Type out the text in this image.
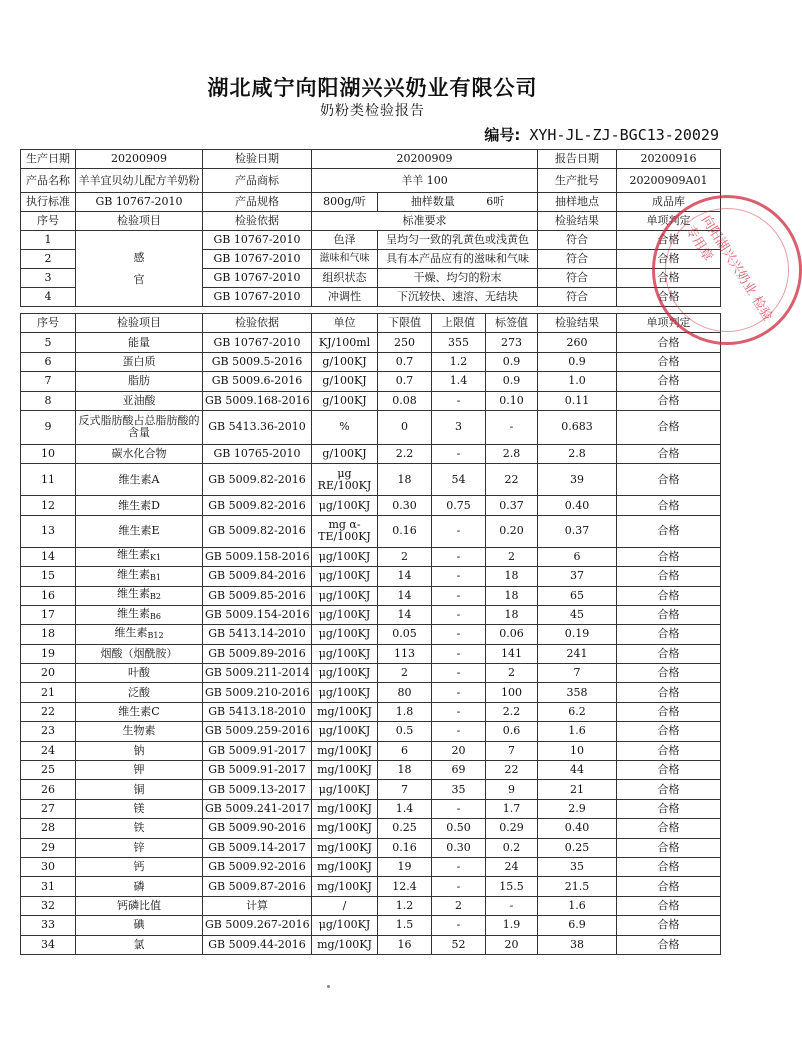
湖北咸宁向阳湖兴兴奶业有限公司
奶粉类检验报告
编号: XYH-JL-ZJ-BGC13-20029
生产日期	20200909	检验日期	20200909		报告日期	20200916
产品名称	羊羊宜贝幼儿配方羊奶粉	产品商标	羊羊 100		生产批号	20200909A01
执行标准	GB 10767-2010	产品规格	800g/听	抽样数量 6听	抽样地点	成品库
序号	检验项目	检验依据	标准要求		检验结果	单项判定
1	感官	GB 10767-2010	色泽	呈均匀一致的乳黄色或浅黄色	符合	合格
2		GB 10767-2010	滋味和气味	具有本产品应有的滋味和气味	符合	合格
3		GB 10767-2010	组织状态	干燥、均匀的粉末	符合	合格
4		GB 10767-2010	冲调性	下沉较快、速溶、无结块	符合	合格
序号	检验项目	检验依据	单位	下限值	上限值	标签值	检验结果	单项判定
5	能量	GB 10767-2010	KJ/100ml	250	355	273	260	合格
6	蛋白质	GB 5009.5-2016	g/100KJ	0.7	1.2	0.9	0.9	合格
7	脂肪	GB 5009.6-2016	g/100KJ	0.7	1.4	0.9	1.0	合格
8	亚油酸	GB 5009.168-2016	g/100KJ	0.08	-	0.10	0.11	合格
9	反式脂肪酸占总脂肪酸的含量	GB 5413.36-2010	%	0	3	-	0.683	合格
10	碳水化合物	GB 10765-2010	g/100KJ	2.2	-	2.8	2.8	合格
11	维生素A	GB 5009.82-2016	μg RE/100KJ	18	54	22	39	合格
12	维生素D	GB 5009.82-2016	μg/100KJ	0.30	0.75	0.37	0.40	合格
13	维生素E	GB 5009.82-2016	mg α-TE/100KJ	0.16	-	0.20	0.37	合格
14	维生素$_{K1}$	GB 5009.158-2016	μg/100KJ	2	-	2	6	合格
15	维生素$_{B1}$	GB 5009.84-2016	μg/100KJ	14	-	18	37	合格
16	维生素$_{B2}$	GB 5009.85-2016	μg/100KJ	14	-	18	65	合格
17	维生素$_{B6}$	GB 5009.154-2016	μg/100KJ	14	-	18	45	合格
18	维生素$_{B12}$	GB 5413.14-2010	μg/100KJ	0.05	-	0.06	0.19	合格
19	烟酸（烟酰胺）	GB 5009.89-2016	μg/100KJ	113	-	141	241	合格
20	叶酸	GB 5009.211-2014	μg/100KJ	2	-	2	7	合格
21	泛酸	GB 5009.210-2016	μg/100KJ	80	-	100	358	合格
22	维生素C	GB 5413.18-2010	mg/100KJ	1.8	-	2.2	6.2	合格
23	生物素	GB 5009.259-2016	μg/100KJ	0.5	-	0.6	1.6	合格
24	钠	GB 5009.91-2017	mg/100KJ	6	20	7	10	合格
25	钾	GB 5009.91-2017	mg/100KJ	18	69	22	44	合格
26	铜	GB 5009.13-2017	μg/100KJ	7	35	9	21	合格
27	镁	GB 5009.241-2017	mg/100KJ	1.4	-	1.7	2.9	合格
28	铁	GB 5009.90-2016	mg/100KJ	0.25	0.50	0.29	0.40	合格
29	锌	GB 5009.14-2017	mg/100KJ	0.16	0.30	0.2	0.25	合格
30	钙	GB 5009.92-2016	mg/100KJ	19	-	24	35	合格
31	磷	GB 5009.87-2016	mg/100KJ	12.4	-	15.5	21.5	合格
32	钙磷比值	计算	/	1.2	2	-	1.6	合格
33	碘	GB 5009.267-2016	μg/100KJ	1.5	-	1.9	6.9	合格
34	氯	GB 5009.44-2016	mg/100KJ	16	52	20	38	合格
向阳湖兴兴奶业 检验专用章
